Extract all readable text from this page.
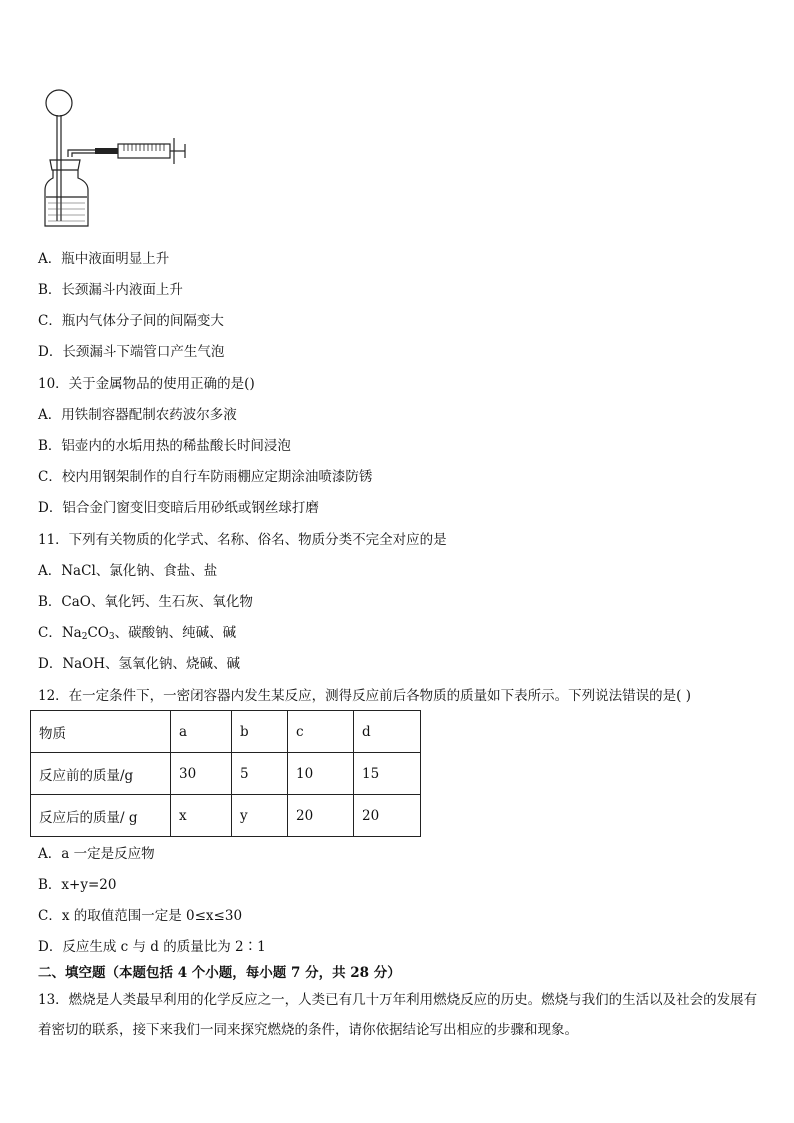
A．瓶中液面明显上升
B．长颈漏斗内液面上升
C．瓶内气体分子间的间隔变大
D．长颈漏斗下端管口产生气泡
10．关于金属物品的使用正确的是()
A．用铁制容器配制农药波尔多液
B．铝壶内的水垢用热的稀盐酸长时间浸泡
C．校内用钢架制作的自行车防雨棚应定期涂油喷漆防锈
D．铝合金门窗变旧变暗后用砂纸或钢丝球打磨
11．下列有关物质的化学式、名称、俗名、物质分类不完全对应的是
A．NaCl、氯化钠、食盐、盐
B．CaO、氧化钙、生石灰、氧化物
C．$Na_2CO_3$、碳酸钠、纯碱、碱
D．NaOH、氢氧化钠、烧碱、碱
12．在一定条件下，一密闭容器内发生某反应，测得反应前后各物质的质量如下表所示。下列说法错误的是( )
物质	a	b	c	d
反应前的质量/g	30	5	10	15
反应后的质量/ g	x	y	20	20
A．a 一定是反应物
B．x+y=20
C．x 的取值范围一定是 0≤x≤30
D．反应生成 c 与 d 的质量比为 2∶1
二、填空题（本题包括 4 个小题，每小题 7 分，共 28 分）
13．燃烧是人类最早利用的化学反应之一，人类已有几十万年利用燃烧反应的历史。燃烧与我们的生活以及社会的发展有着密切的联系，接下来我们一同来探究燃烧的条件，请你依据结论写出相应的步骤和现象。
